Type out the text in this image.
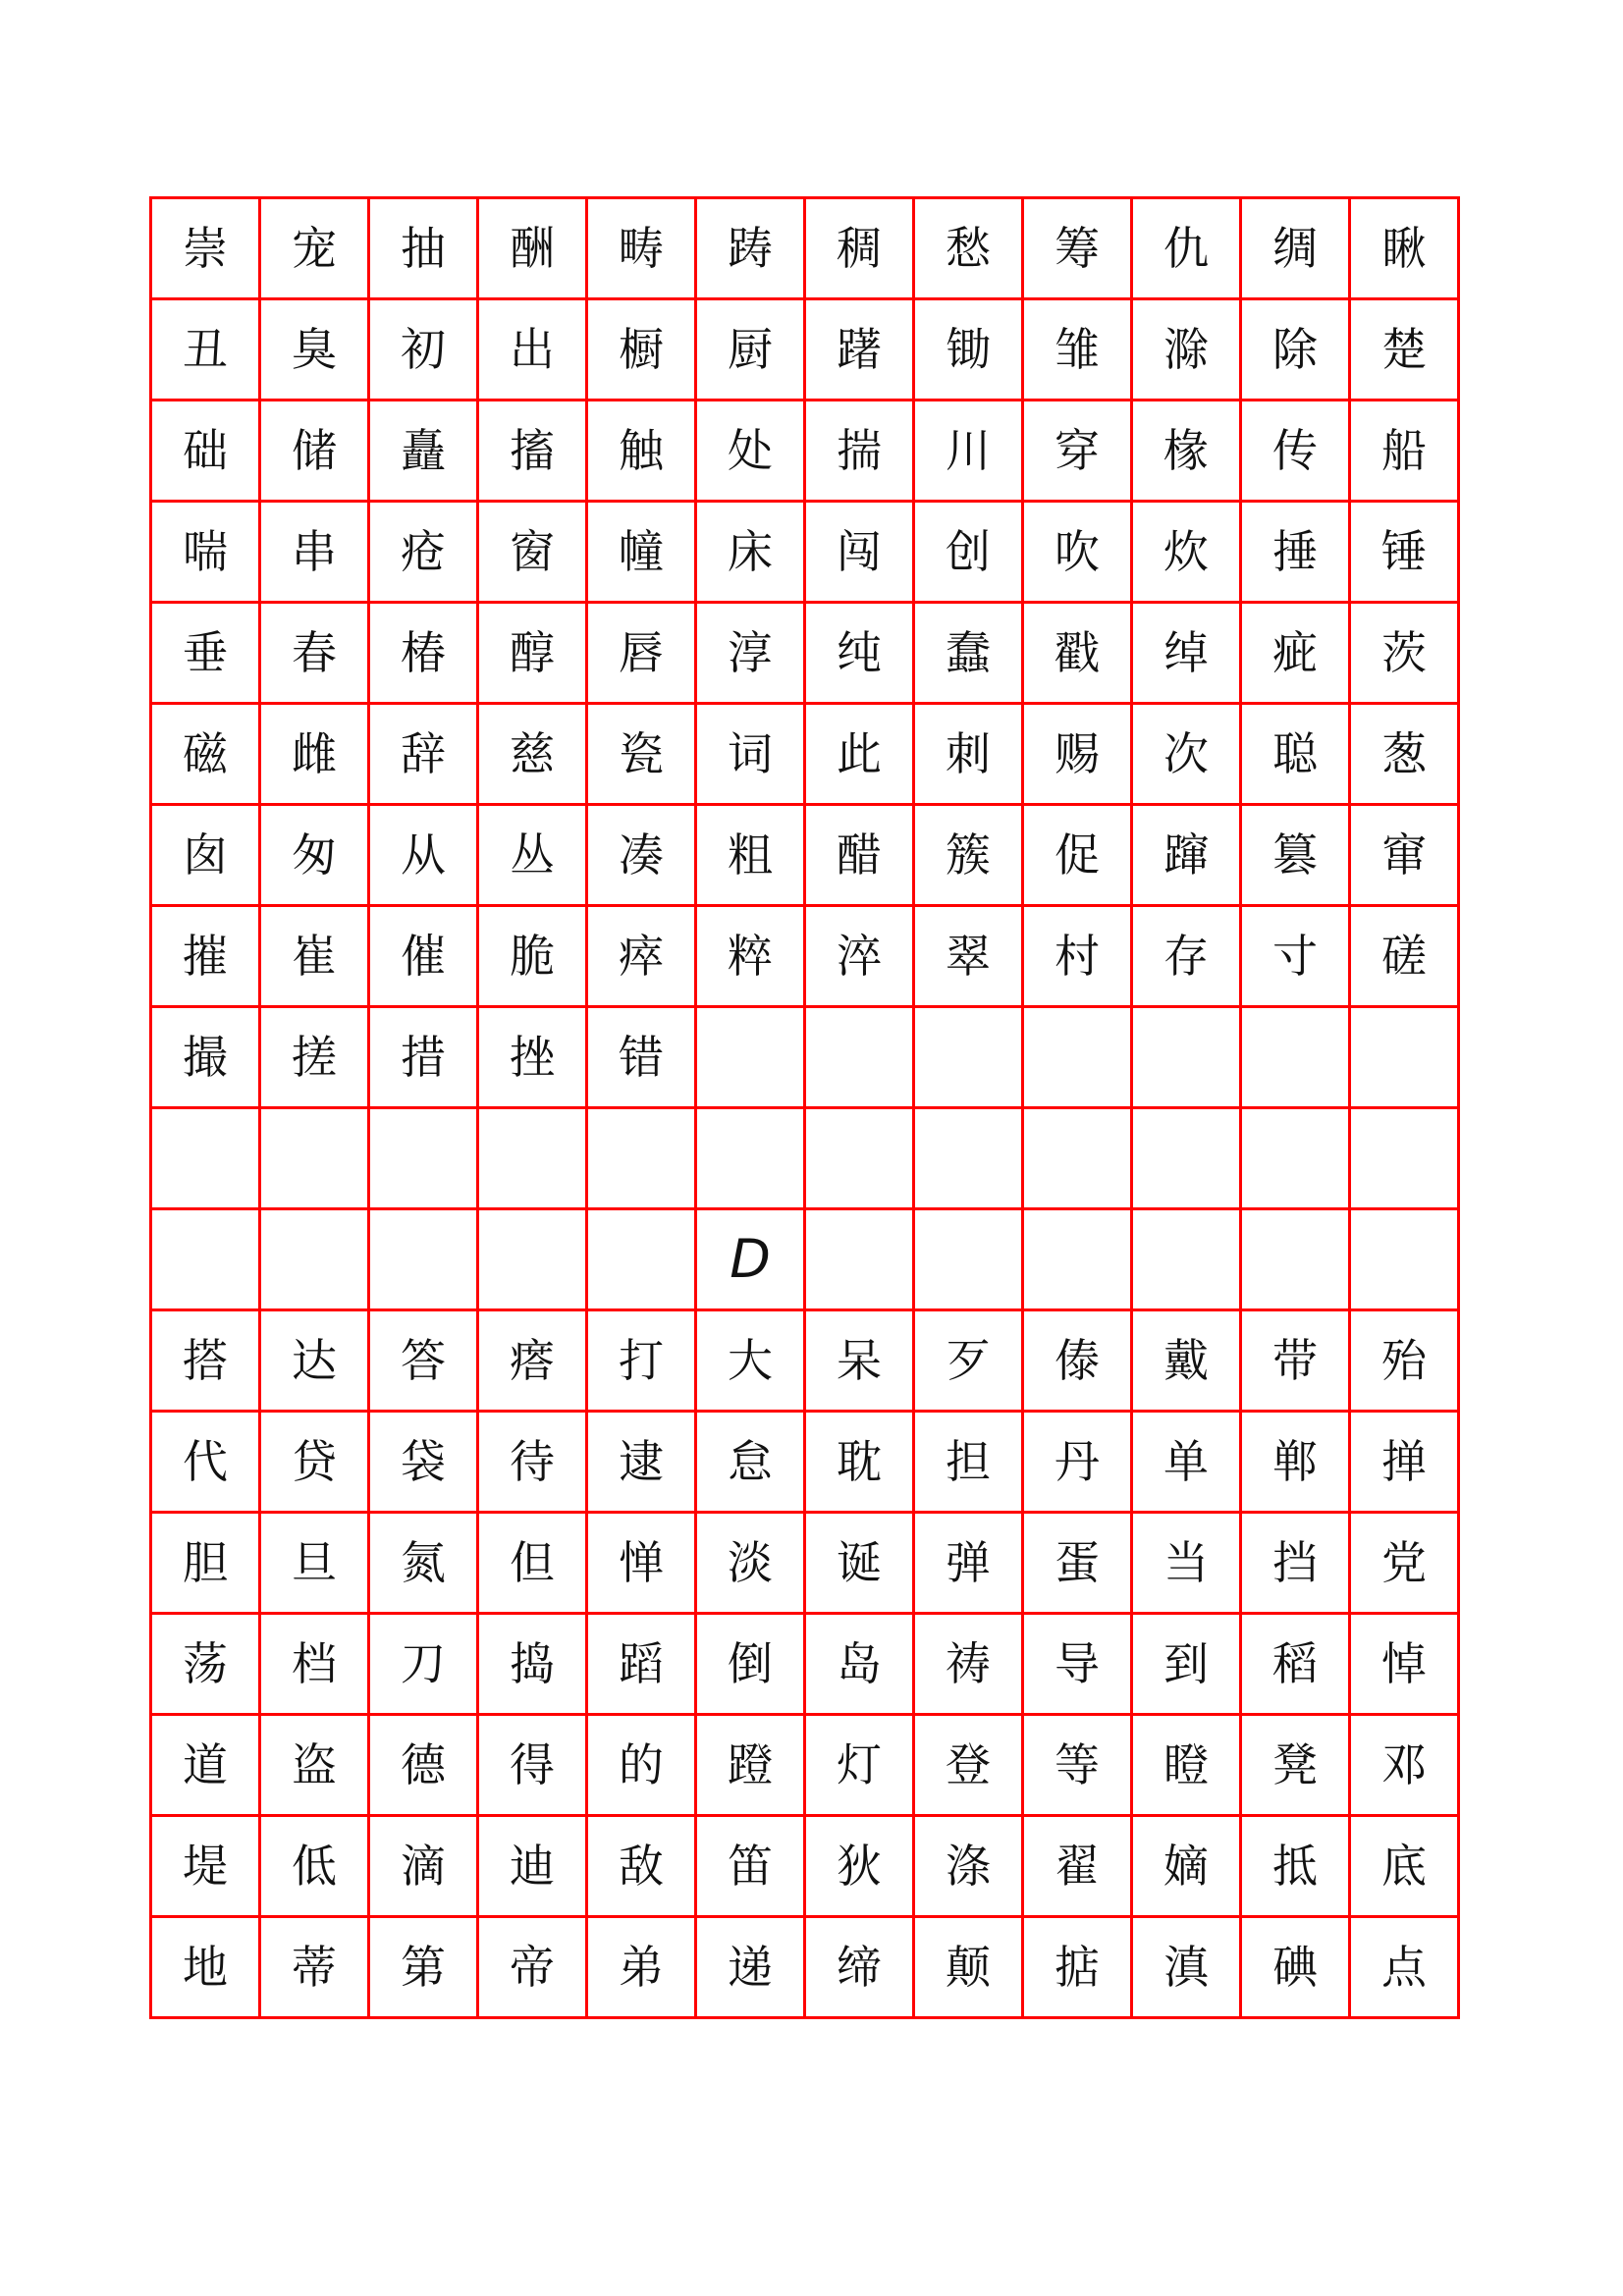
崇	宠	抽	酬	畴	踌	稠	愁	筹	仇	绸	瞅
丑	臭	初	出	橱	厨	躇	锄	雏	滁	除	楚
础	储	矗	搐	触	处	揣	川	穿	椽	传	船
喘	串	疮	窗	幢	床	闯	创	吹	炊	捶	锤
垂	春	椿	醇	唇	淳	纯	蠢	戳	绰	疵	茨
磁	雌	辞	慈	瓷	词	此	刺	赐	次	聪	葱
囱	匆	从	丛	凑	粗	醋	簇	促	蹿	篡	窜
摧	崔	催	脆	瘁	粹	淬	翠	村	存	寸	磋
撮	搓	措	挫	错							

					D						
搭	达	答	瘩	打	大	呆	歹	傣	戴	带	殆
代	贷	袋	待	逮	怠	耽	担	丹	单	郸	掸
胆	旦	氮	但	惮	淡	诞	弹	蛋	当	挡	党
荡	档	刀	捣	蹈	倒	岛	祷	导	到	稻	悼
道	盗	德	得	的	蹬	灯	登	等	瞪	凳	邓
堤	低	滴	迪	敌	笛	狄	涤	翟	嫡	抵	底
地	蒂	第	帝	弟	递	缔	颠	掂	滇	碘	点
